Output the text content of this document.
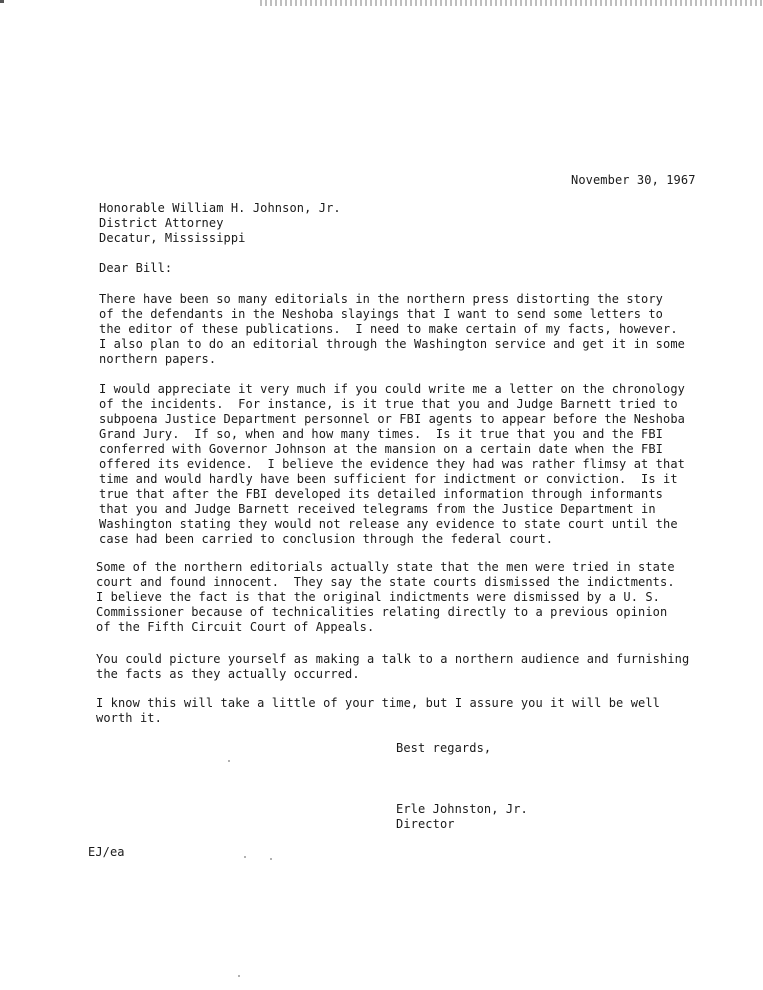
November 30, 1967
Honorable William H. Johnson, Jr.
District Attorney
Decatur, Mississippi
Dear Bill:
There have been so many editorials in the northern press distorting the story
of the defendants in the Neshoba slayings that I want to send some letters to
the editor of these publications.  I need to make certain of my facts, however.
I also plan to do an editorial through the Washington service and get it in some
northern papers.
I would appreciate it very much if you could write me a letter on the chronology
of the incidents.  For instance, is it true that you and Judge Barnett tried to
subpoena Justice Department personnel or FBI agents to appear before the Neshoba
Grand Jury.  If so, when and how many times.  Is it true that you and the FBI
conferred with Governor Johnson at the mansion on a certain date when the FBI
offered its evidence.  I believe the evidence they had was rather flimsy at that
time and would hardly have been sufficient for indictment or conviction.  Is it
true that after the FBI developed its detailed information through informants
that you and Judge Barnett received telegrams from the Justice Department in
Washington stating they would not release any evidence to state court until the
case had been carried to conclusion through the federal court.
Some of the northern editorials actually state that the men were tried in state
court and found innocent.  They say the state courts dismissed the indictments.
I believe the fact is that the original indictments were dismissed by a U. S.
Commissioner because of technicalities relating directly to a previous opinion
of the Fifth Circuit Court of Appeals.
You could picture yourself as making a talk to a northern audience and furnishing
the facts as they actually occurred.
I know this will take a little of your time, but I assure you it will be well
worth it.
Best regards,
Erle Johnston, Jr.
Director
EJ/ea
